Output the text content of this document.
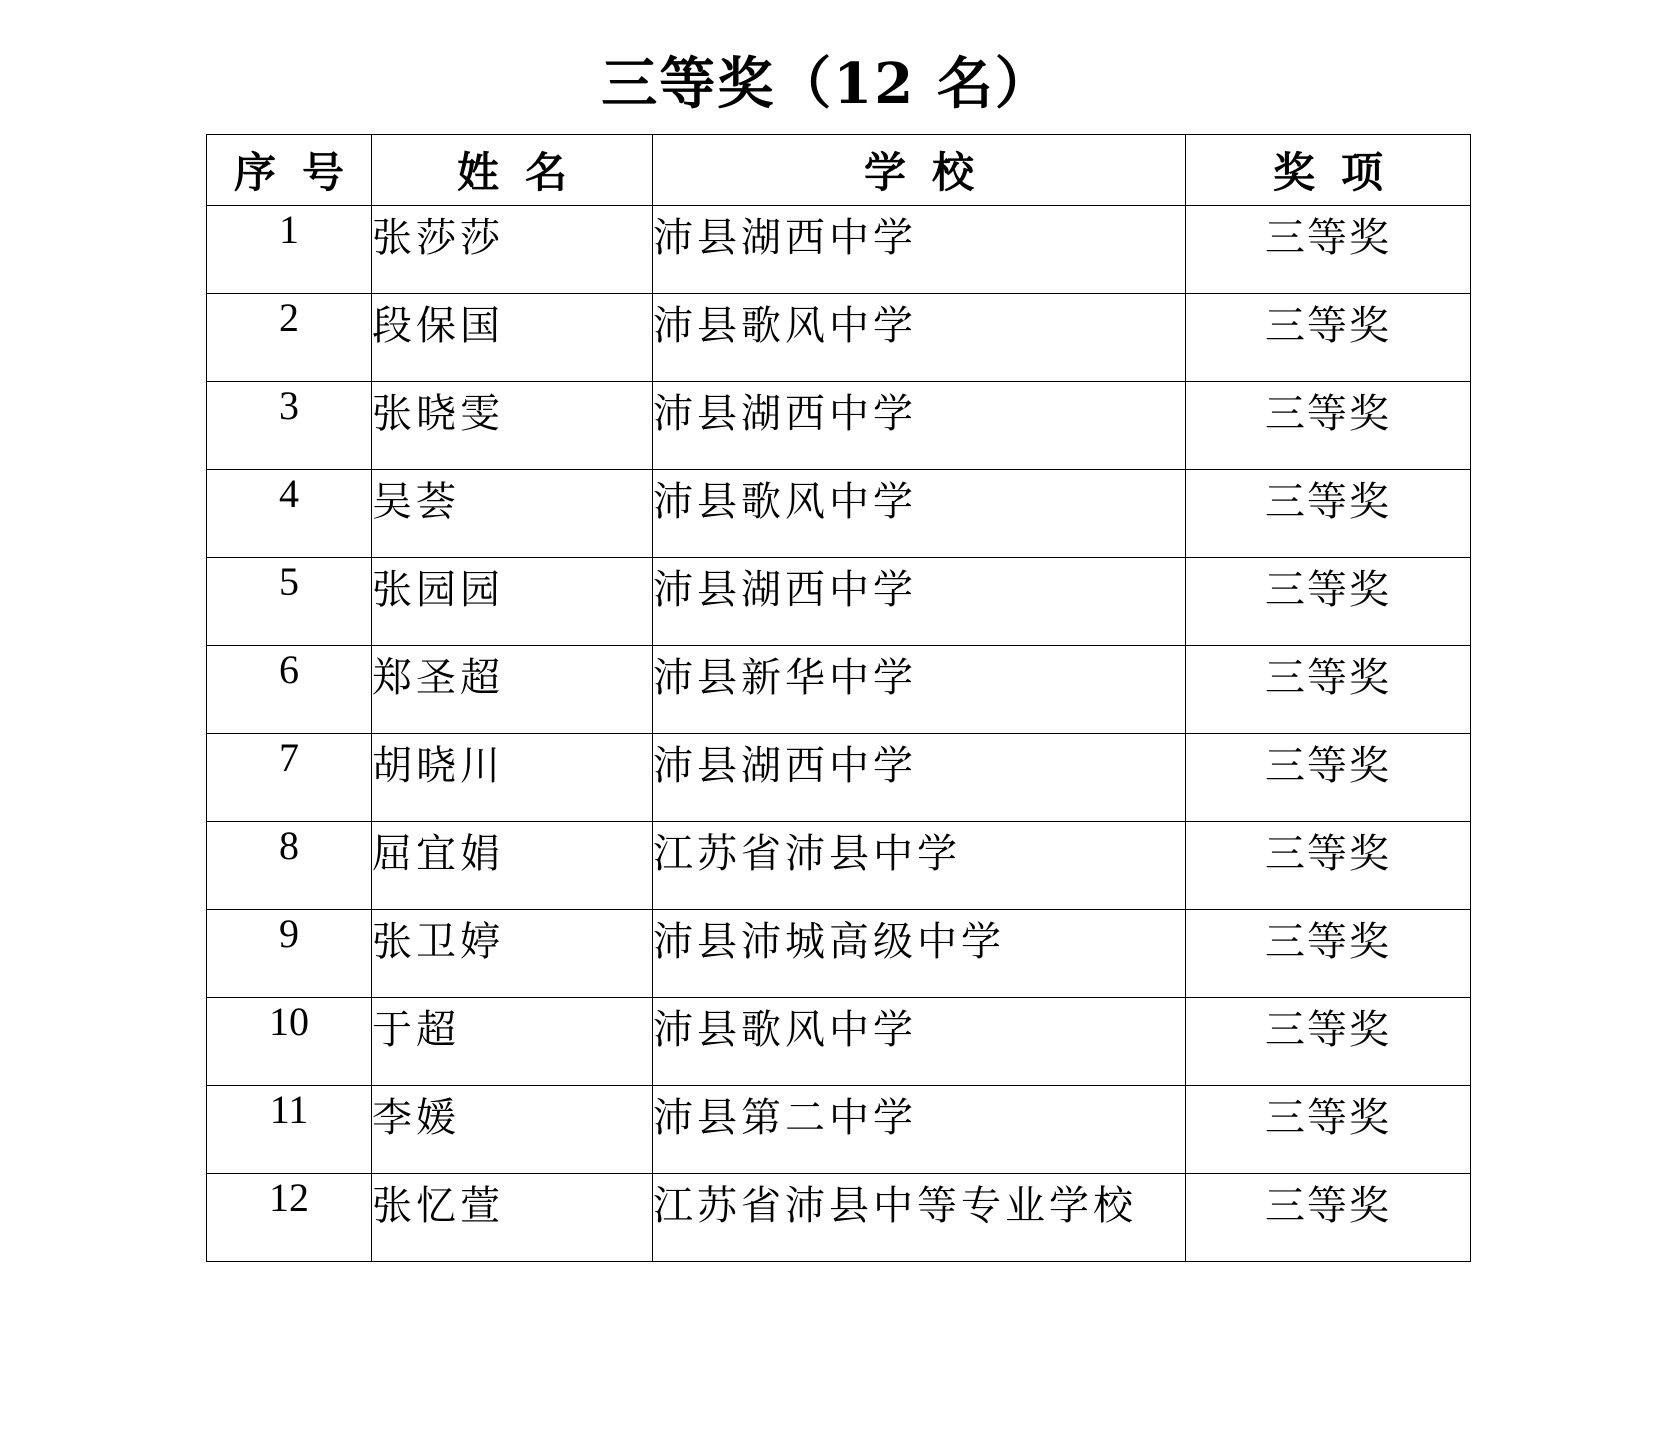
三等奖（12 名）
序号	姓名	学校	奖项
1	张莎莎	沛县湖西中学	三等奖
2	段保国	沛县歌风中学	三等奖
3	张晓雯	沛县湖西中学	三等奖
4	吴荟	沛县歌风中学	三等奖
5	张园园	沛县湖西中学	三等奖
6	郑圣超	沛县新华中学	三等奖
7	胡晓川	沛县湖西中学	三等奖
8	屈宜娟	江苏省沛县中学	三等奖
9	张卫婷	沛县沛城高级中学	三等奖
10	于超	沛县歌风中学	三等奖
11	李媛	沛县第二中学	三等奖
12	张忆萱	江苏省沛县中等专业学校	三等奖
